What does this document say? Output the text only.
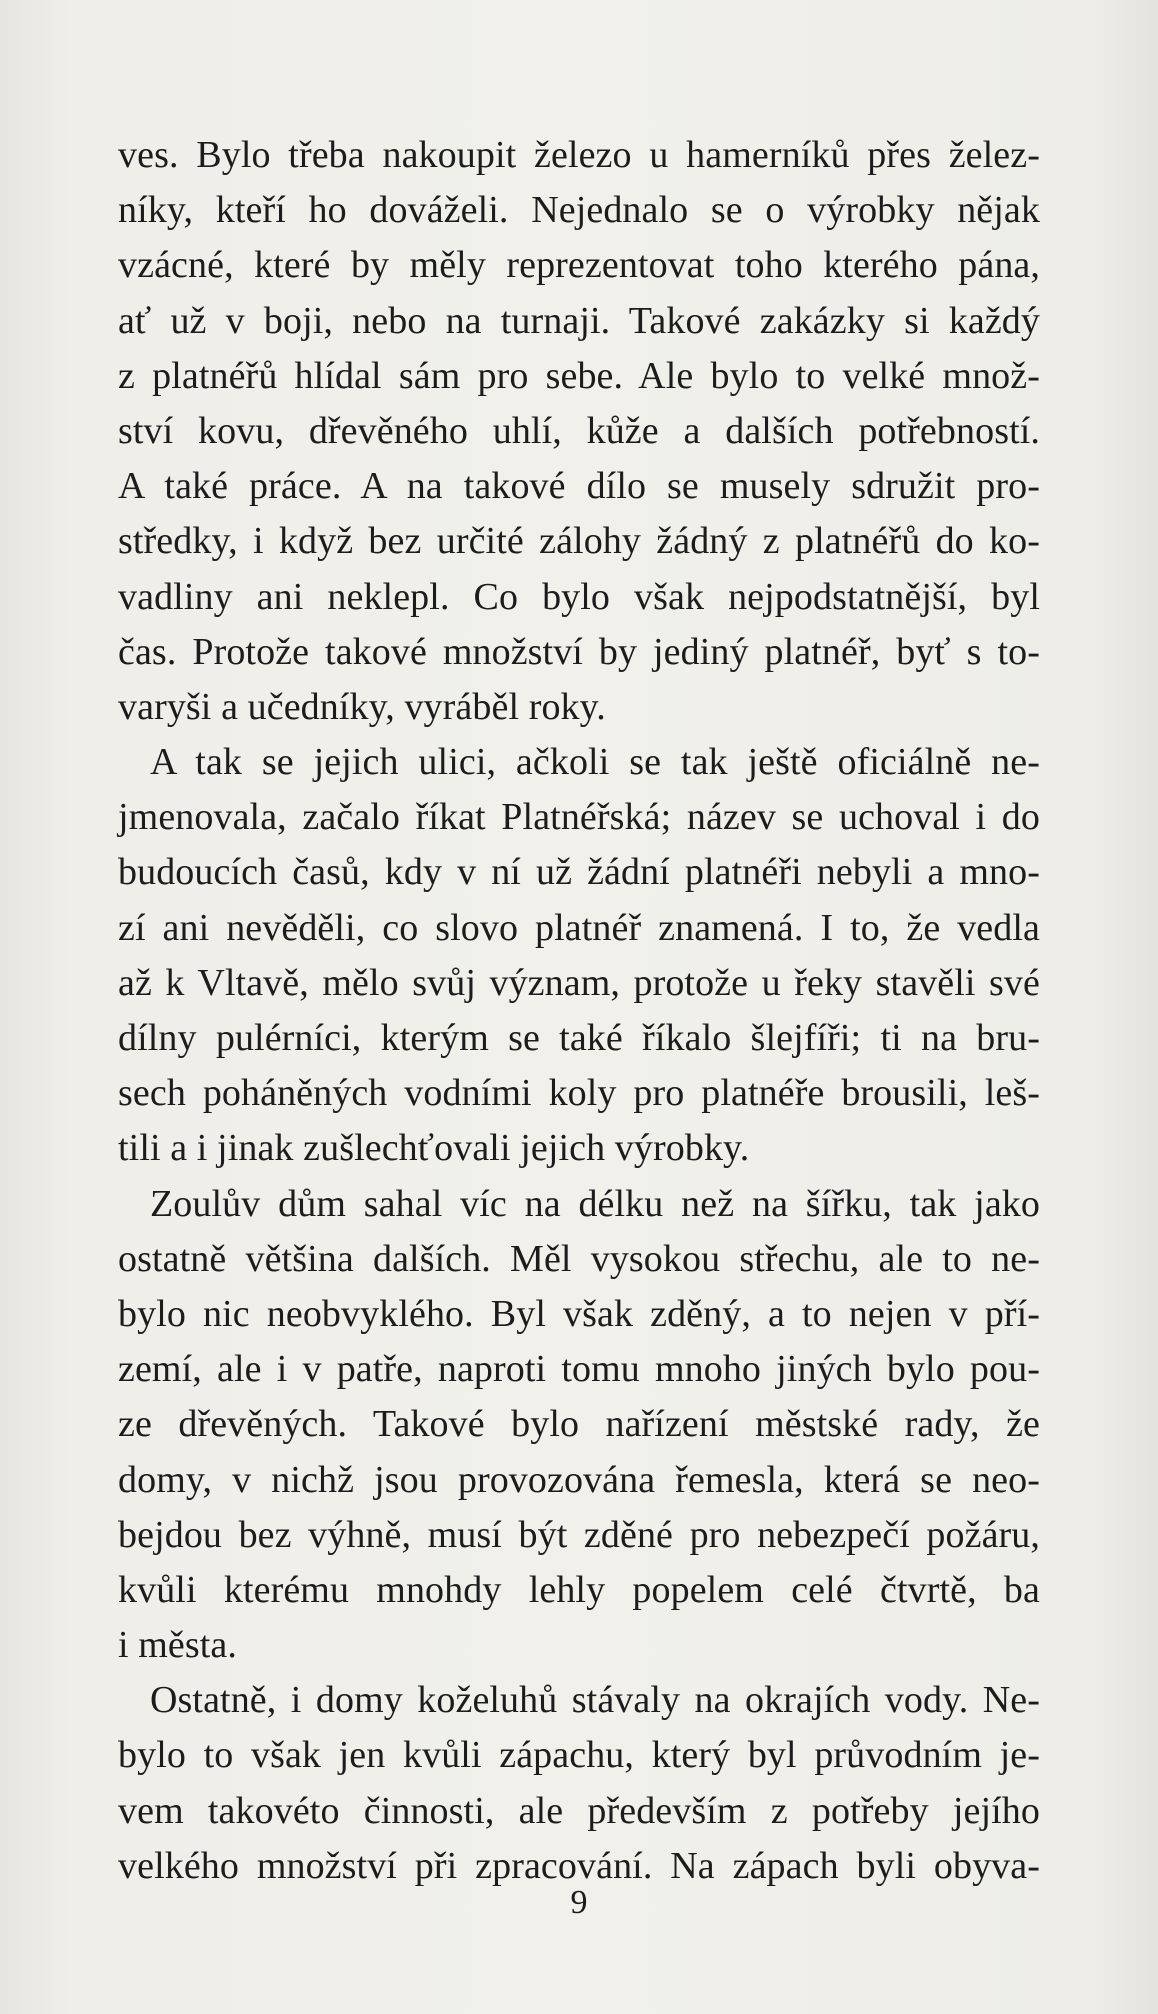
ves. Bylo třeba nakoupit železo u hamerníků přes želez-
níky, kteří ho dováželi. Nejednalo se o výrobky nějak
vzácné, které by měly reprezentovat toho kterého pána,
ať už v boji, nebo na turnaji. Takové zakázky si každý
z platnéřů hlídal sám pro sebe. Ale bylo to velké množ-
ství kovu, dřevěného uhlí, kůže a dalších potřebností.
A také práce. A na takové dílo se musely sdružit pro-
středky, i když bez určité zálohy žádný z platnéřů do ko-
vadliny ani neklepl. Co bylo však nejpodstatnější, byl
čas. Protože takové množství by jediný platnéř, byť s to-
varyši a učedníky, vyráběl roky.
A tak se jejich ulici, ačkoli se tak ještě oficiálně ne-
jmenovala, začalo říkat Platnéřská; název se uchoval i do
budoucích časů, kdy v ní už žádní platnéři nebyli a mno-
zí ani nevěděli, co slovo platnéř znamená. I to, že vedla
až k Vltavě, mělo svůj význam, protože u řeky stavěli své
dílny pulérníci, kterým se také říkalo šlejfíři; ti na bru-
sech poháněných vodními koly pro platnéře brousili, leš-
tili a i jinak zušlechťovali jejich výrobky.
Zoulův dům sahal víc na délku než na šířku, tak jako
ostatně většina dalších. Měl vysokou střechu, ale to ne-
bylo nic neobvyklého. Byl však zděný, a to nejen v pří-
zemí, ale i v patře, naproti tomu mnoho jiných bylo pou-
ze dřevěných. Takové bylo nařízení městské rady, že
domy, v nichž jsou provozována řemesla, která se neo-
bejdou bez výhně, musí být zděné pro nebezpečí požáru,
kvůli kterému mnohdy lehly popelem celé čtvrtě, ba
i města.
Ostatně, i domy koželuhů stávaly na okrajích vody. Ne-
bylo to však jen kvůli zápachu, který byl průvodním je-
vem takovéto činnosti, ale především z potřeby jejího
velkého množství při zpracování. Na zápach byli obyva-
9
